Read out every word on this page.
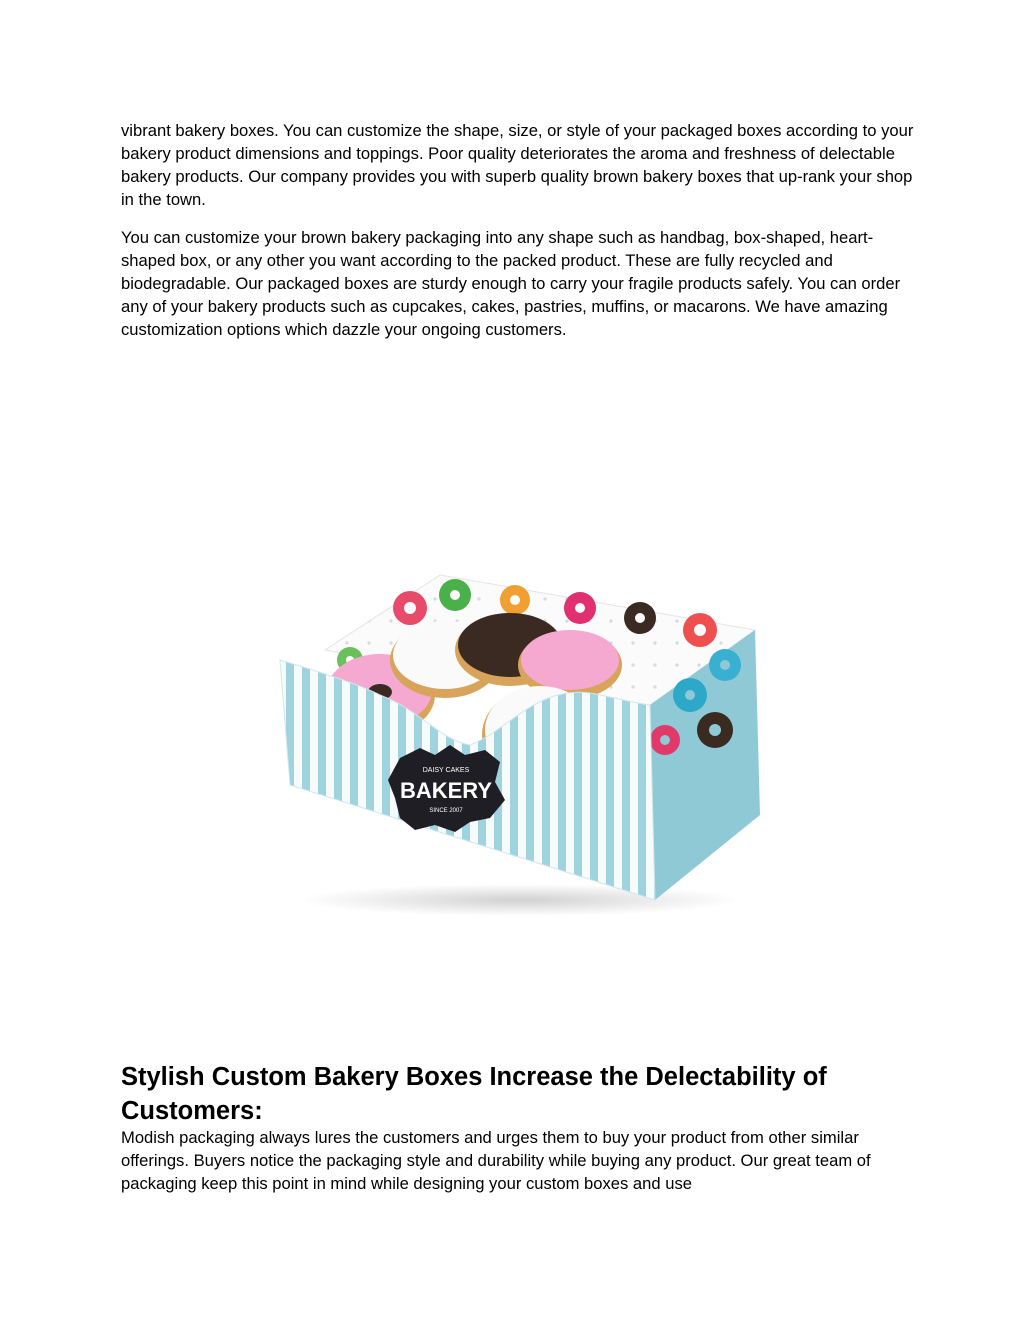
vibrant bakery boxes. You can customize the shape, size, or style of your packaged boxes according to your bakery product dimensions and toppings. Poor quality deteriorates the aroma and freshness of delectable bakery products. Our company provides you with superb quality brown bakery boxes that up-rank your shop in the town.

You can customize your brown bakery packaging into any shape such as handbag, box-shaped, heart-shaped box, or any other you want according to the packed product. These are fully recycled and biodegradable. Our packaged boxes are sturdy enough to carry your fragile products safely. You can order any of your bakery products such as cupcakes, cakes, pastries, muffins, or macarons. We have amazing customization options which dazzle your ongoing customers.

DAISY CAKES
BAKERY
SINCE 2007
Stylish Custom Bakery Boxes Increase the Delectability of Customers:

Modish packaging always lures the customers and urges them to buy your product from other similar offerings. Buyers notice the packaging style and durability while buying any product. Our great team of packaging keep this point in mind while designing your custom boxes and use
